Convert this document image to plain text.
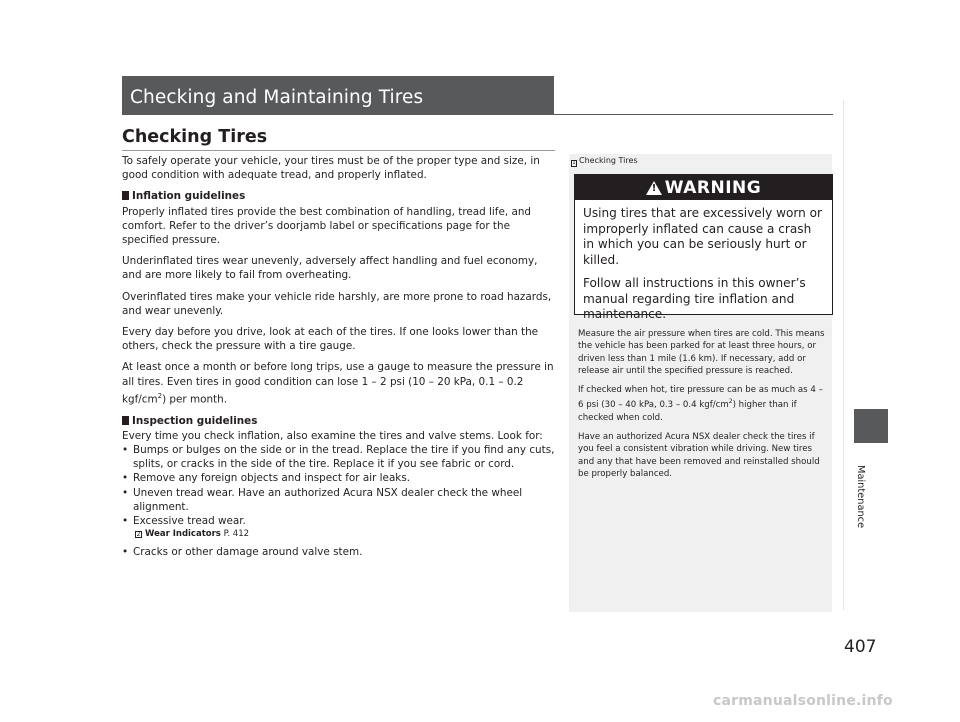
Checking and Maintaining Tires
Checking Tires

To safely operate your vehicle, your tires must be of the proper type and size, in good condition with adequate tread, and properly inflated.

Inflation guidelines

Properly inflated tires provide the best combination of handling, tread life, and comfort. Refer to the driver’s doorjamb label or specifications page for the specified pressure.

Underinflated tires wear unevenly, adversely affect handling and fuel economy, and are more likely to fail from overheating.

Overinflated tires make your vehicle ride harshly, are more prone to road hazards, and wear unevenly.

Every day before you drive, look at each of the tires. If one looks lower than the others, check the pressure with a tire gauge.

At least once a month or before long trips, use a gauge to measure the pressure in all tires. Even tires in good condition can lose 1 – 2 psi (10 – 20 kPa, 0.1 – 0.2 kgf/$cm^2$) per month.

Inspection guidelines

Every time you check inflation, also examine the tires and valve stems. Look for:
• Bumps or bulges on the side or in the tread. Replace the tire if you find any cuts, splits, or cracks in the side of the tire. Replace it if you see fabric or cord.
• Remove any foreign objects and inspect for air leaks.
• Uneven tread wear. Have an authorized Acura NSX dealer check the wheel alignment.
• Excessive tread wear.
2 Wear Indicators P. 412
• Cracks or other damage around valve stem.
1 Checking Tires
!
WARNING

Using tires that are excessively worn or improperly inflated can cause a crash in which you can be seriously hurt or killed.

Follow all instructions in this owner’s manual regarding tire inflation and maintenance.

Measure the air pressure when tires are cold. This means the vehicle has been parked for at least three hours, or driven less than 1 mile (1.6 km). If necessary, add or release air until the specified pressure is reached.

If checked when hot, tire pressure can be as much as 4 – 6 psi (30 – 40 kPa, 0.3 – 0.4 kgf/$cm^2$) higher than if checked when cold.

Have an authorized Acura NSX dealer check the tires if you feel a consistent vibration while driving. New tires and any that have been removed and reinstalled should be properly balanced.	Maintenance
407
carmanualsonline.info
